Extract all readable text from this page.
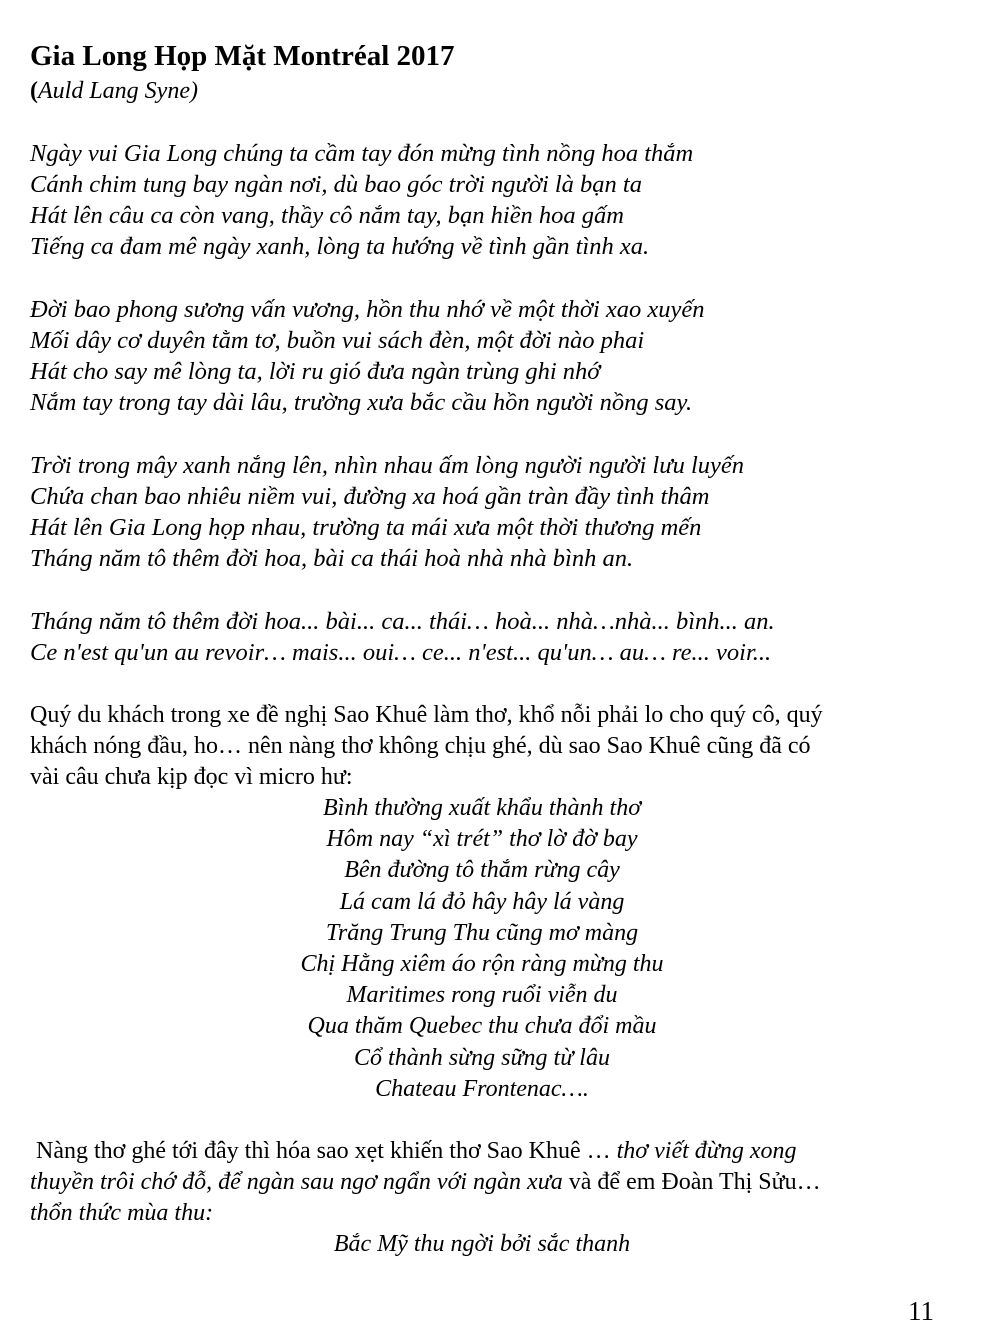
Gia Long Họp Mặt Montréal 2017
(Auld Lang Syne)
Ngày vui Gia Long chúng ta cầm tay đón mừng tình nồng hoa thắm
Cánh chim tung bay ngàn nơi, dù bao góc trời người là bạn ta
Hát lên câu ca còn vang, thầy cô nắm tay, bạn hiền hoa gấm
Tiếng ca đam mê ngày xanh, lòng ta hướng về tình gần tình xa.
Đời bao phong sương vấn vương, hồn thu nhớ về một thời xao xuyến
Mối dây cơ duyên tằm tơ, buồn vui sách đèn, một đời nào phai
Hát cho say mê lòng ta, lời ru gió đưa ngàn trùng ghi nhớ
Nắm tay trong tay dài lâu, trường xưa bắc cầu hồn người nồng say.
Trời trong mây xanh nắng lên, nhìn nhau ấm lòng người người lưu luyến
Chứa chan bao nhiêu niềm vui, đường xa hoá gần tràn đầy tình thâm
Hát lên Gia Long họp nhau, trường ta mái xưa một thời thương mến
Tháng năm tô thêm đời hoa, bài ca thái hoà nhà nhà bình an.
Tháng năm tô thêm đời hoa... bài... ca... thái… hoà... nhà…nhà... bình... an.
Ce n'est qu'un au revoir… mais... oui… ce... n'est... qu'un… au… re... voir...
Quý du khách trong xe đề nghị Sao Khuê làm thơ, khổ nỗi phải lo cho quý cô, quý
khách nóng đầu, ho… nên nàng thơ không chịu ghé, dù sao Sao Khuê cũng đã có
vài câu chưa kịp đọc vì micro hư:
Bình thường xuất khẩu thành thơ
Hôm nay “xì trét” thơ lờ đờ bay
Bên đường tô thắm rừng cây
Lá cam lá đỏ hây hây lá vàng
Trăng Trung Thu cũng mơ màng
Chị Hằng xiêm áo rộn ràng mừng thu
Maritimes rong ruổi viễn du
Qua thăm Quebec thu chưa đổi mầu
Cổ thành sừng sững từ lâu
Chateau Frontenac….
Nàng thơ ghé tới đây thì hóa sao xẹt khiến thơ Sao Khuê … thơ viết đừng xong
thuyền trôi chớ đỗ, để ngàn sau ngơ ngẩn với ngàn xưa và để em Đoàn Thị Sửu…
thổn thức mùa thu:
Bắc Mỹ thu ngời bởi sắc thanh
11
